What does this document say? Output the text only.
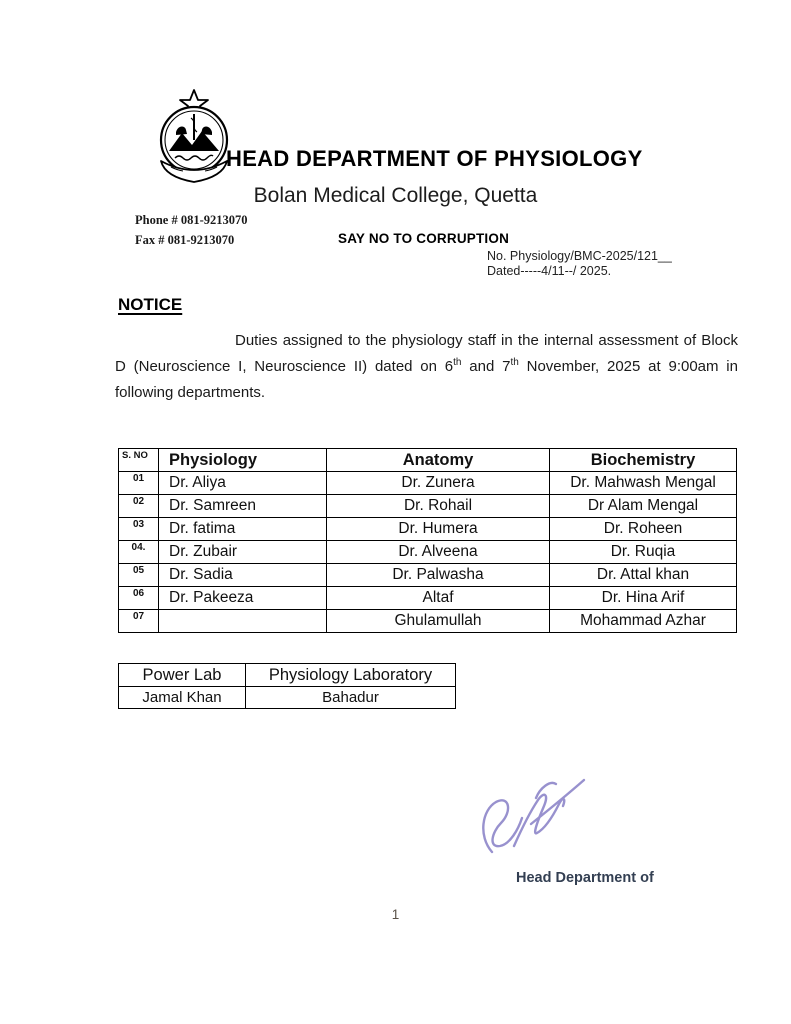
HEAD DEPARTMENT OF PHYSIOLOGY
Bolan Medical College, Quetta
Phone # 081-9213070
Fax # 081-9213070	SAY NO TO CORRUPTION
No. Physiology/BMC-2025/121__
Dated-----4/11--/ 2025.
NOTICE

Duties assigned to the physiology staff in the internal assessment of Block D (Neuroscience I, Neuroscience II) dated on 6th and 7th November, 2025 at 9:00am in following departments.

S. NO	Physiology	Anatomy	Biochemistry
01	Dr. Aliya	Dr. Zunera	Dr. Mahwash Mengal
02	Dr. Samreen	Dr. Rohail	Dr Alam Mengal
03	Dr. fatima	Dr. Humera	Dr. Roheen
04.	Dr. Zubair	Dr. Alveena	Dr. Ruqia
05	Dr. Sadia	Dr. Palwasha	Dr. Attal khan
06	Dr. Pakeeza	Altaf	Dr. Hina Arif
07		Ghulamullah	Mohammad Azhar
Power Lab	Physiology Laboratory
Jamal Khan	Bahadur
Head Department of
1
